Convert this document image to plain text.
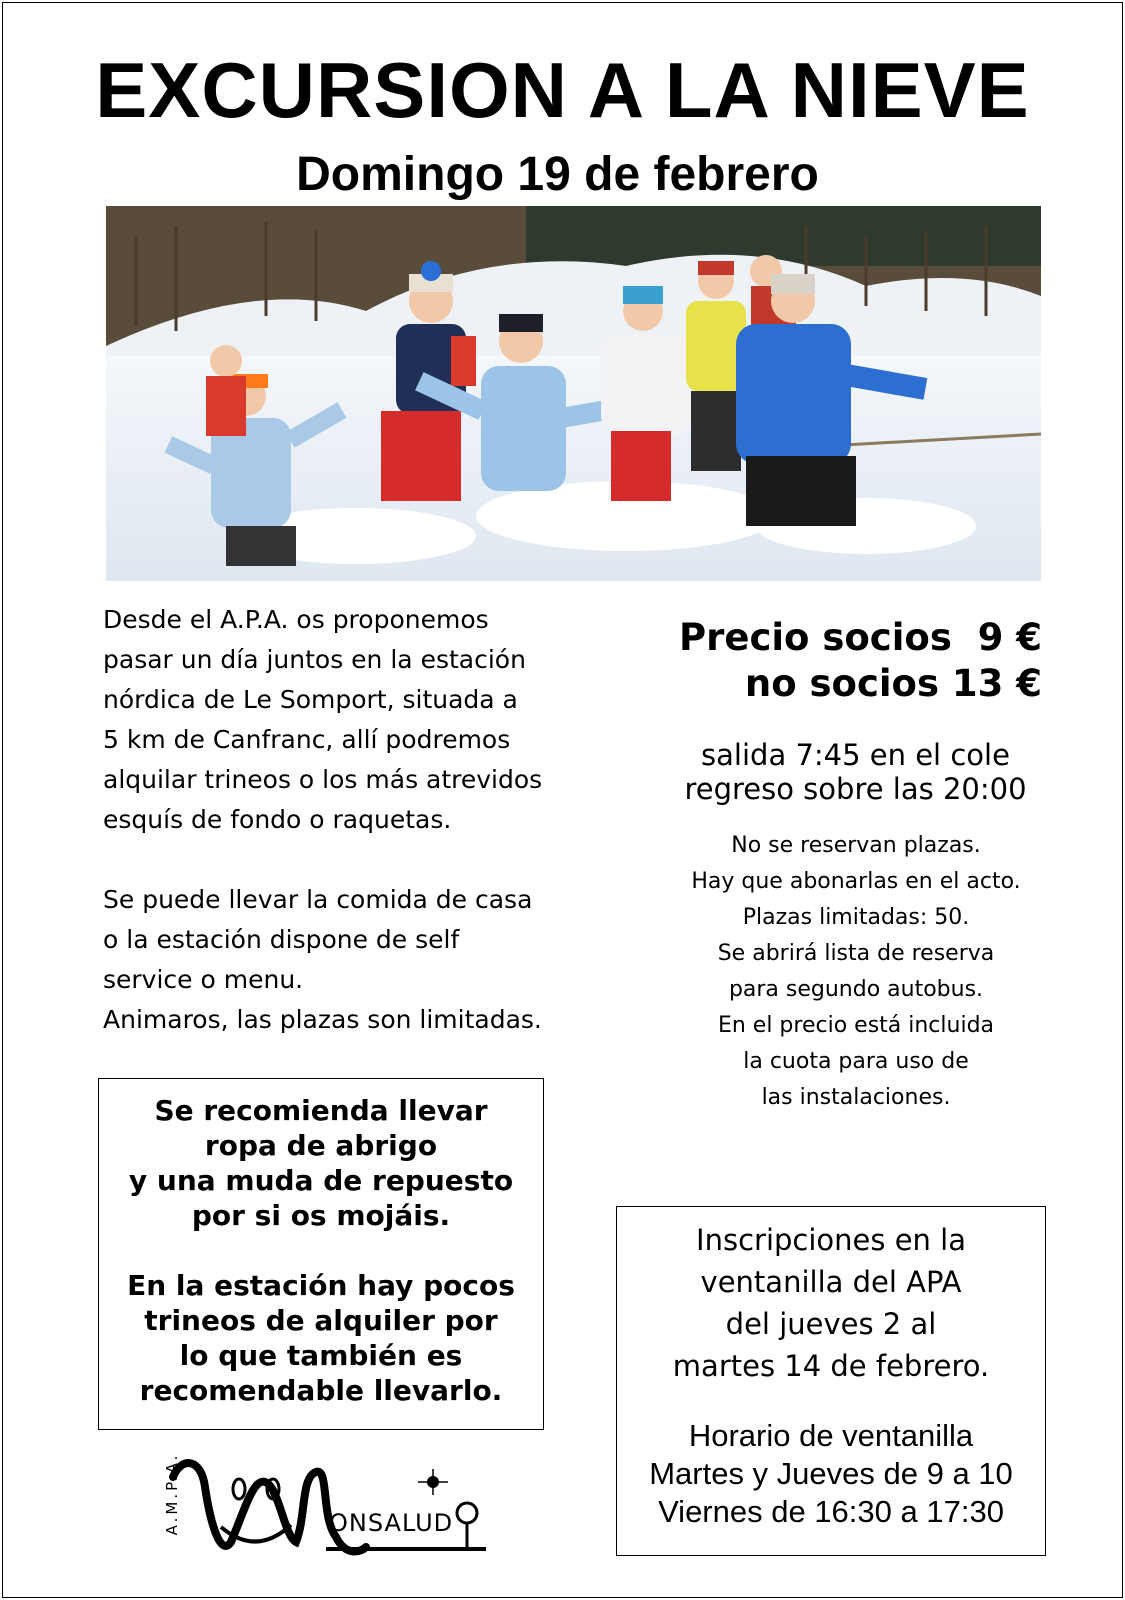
EXCURSION A LA NIEVE
Domingo 19 de febrero

Desde el A.P.A. os proponemos
pasar un día juntos en la estación
nórdica de Le Somport, situada a
5 km de Canfranc, allí podremos
alquilar trineos o los más atrevidos
esquís de fondo o raquetas.

Se puede llevar la comida de casa
o la estación dispone de self
service o menu.
Animaros, las plazas son limitadas.

Precio socios  9 €
no socios 13 €
salida 7:45 en el cole
regreso sobre las 20:00
No se reservan plazas.
Hay que abonarlas en el acto.
Plazas limitadas: 50.
Se abrirá lista de reserva
para segundo autobus.
En el precio está incluida
la cuota para uso de
las instalaciones.

Se recomienda llevar
ropa de abrigo
y una muda de repuesto
por si os mojáis.

En la estación hay pocos
trineos de alquiler por
lo que también es
recomendable llevarlo.

Inscripciones en la
ventanilla del APA
del jueves 2 al
martes 14 de febrero.
Horario de ventanilla
Martes y Jueves de 9 a 10
Viernes de 16:30 a 17:30
ONSALUD
A.M.P.A.
